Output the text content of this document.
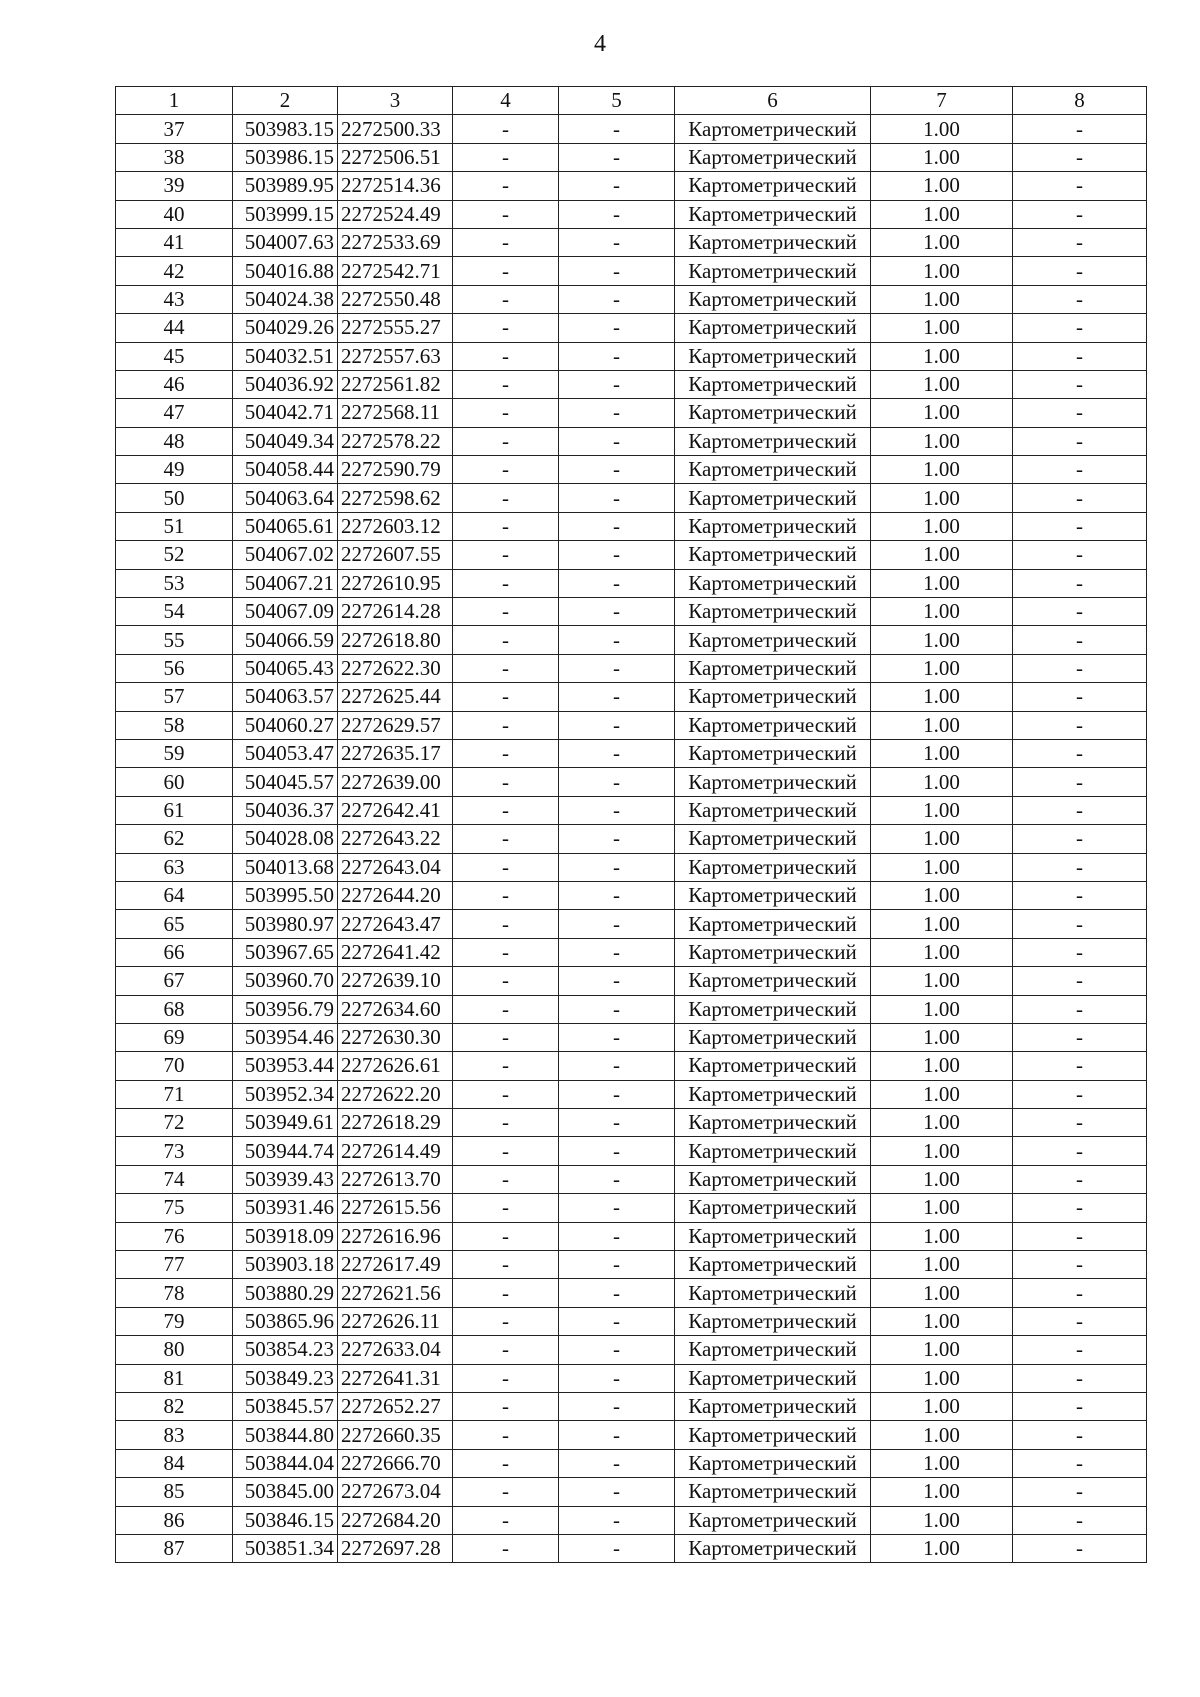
4
1	2	3	4	5	6	7	8
37	503983.15	2272500.33	-	-	Картометрический	1.00	-
38	503986.15	2272506.51	-	-	Картометрический	1.00	-
39	503989.95	2272514.36	-	-	Картометрический	1.00	-
40	503999.15	2272524.49	-	-	Картометрический	1.00	-
41	504007.63	2272533.69	-	-	Картометрический	1.00	-
42	504016.88	2272542.71	-	-	Картометрический	1.00	-
43	504024.38	2272550.48	-	-	Картометрический	1.00	-
44	504029.26	2272555.27	-	-	Картометрический	1.00	-
45	504032.51	2272557.63	-	-	Картометрический	1.00	-
46	504036.92	2272561.82	-	-	Картометрический	1.00	-
47	504042.71	2272568.11	-	-	Картометрический	1.00	-
48	504049.34	2272578.22	-	-	Картометрический	1.00	-
49	504058.44	2272590.79	-	-	Картометрический	1.00	-
50	504063.64	2272598.62	-	-	Картометрический	1.00	-
51	504065.61	2272603.12	-	-	Картометрический	1.00	-
52	504067.02	2272607.55	-	-	Картометрический	1.00	-
53	504067.21	2272610.95	-	-	Картометрический	1.00	-
54	504067.09	2272614.28	-	-	Картометрический	1.00	-
55	504066.59	2272618.80	-	-	Картометрический	1.00	-
56	504065.43	2272622.30	-	-	Картометрический	1.00	-
57	504063.57	2272625.44	-	-	Картометрический	1.00	-
58	504060.27	2272629.57	-	-	Картометрический	1.00	-
59	504053.47	2272635.17	-	-	Картометрический	1.00	-
60	504045.57	2272639.00	-	-	Картометрический	1.00	-
61	504036.37	2272642.41	-	-	Картометрический	1.00	-
62	504028.08	2272643.22	-	-	Картометрический	1.00	-
63	504013.68	2272643.04	-	-	Картометрический	1.00	-
64	503995.50	2272644.20	-	-	Картометрический	1.00	-
65	503980.97	2272643.47	-	-	Картометрический	1.00	-
66	503967.65	2272641.42	-	-	Картометрический	1.00	-
67	503960.70	2272639.10	-	-	Картометрический	1.00	-
68	503956.79	2272634.60	-	-	Картометрический	1.00	-
69	503954.46	2272630.30	-	-	Картометрический	1.00	-
70	503953.44	2272626.61	-	-	Картометрический	1.00	-
71	503952.34	2272622.20	-	-	Картометрический	1.00	-
72	503949.61	2272618.29	-	-	Картометрический	1.00	-
73	503944.74	2272614.49	-	-	Картометрический	1.00	-
74	503939.43	2272613.70	-	-	Картометрический	1.00	-
75	503931.46	2272615.56	-	-	Картометрический	1.00	-
76	503918.09	2272616.96	-	-	Картометрический	1.00	-
77	503903.18	2272617.49	-	-	Картометрический	1.00	-
78	503880.29	2272621.56	-	-	Картометрический	1.00	-
79	503865.96	2272626.11	-	-	Картометрический	1.00	-
80	503854.23	2272633.04	-	-	Картометрический	1.00	-
81	503849.23	2272641.31	-	-	Картометрический	1.00	-
82	503845.57	2272652.27	-	-	Картометрический	1.00	-
83	503844.80	2272660.35	-	-	Картометрический	1.00	-
84	503844.04	2272666.70	-	-	Картометрический	1.00	-
85	503845.00	2272673.04	-	-	Картометрический	1.00	-
86	503846.15	2272684.20	-	-	Картометрический	1.00	-
87	503851.34	2272697.28	-	-	Картометрический	1.00	-
